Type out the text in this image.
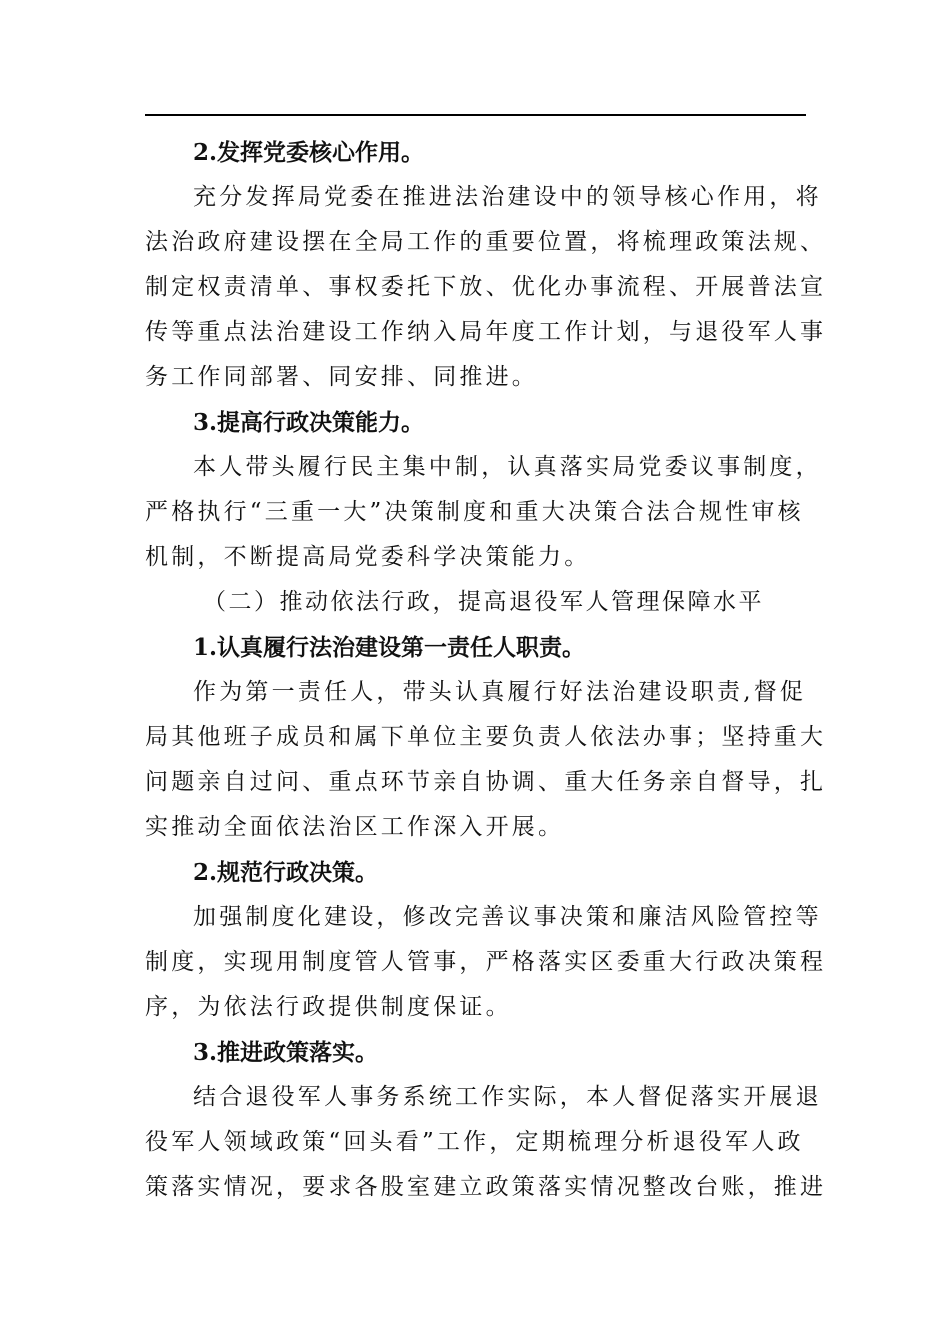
2.发挥党委核心作用。
充分发挥局党委在推进法治建设中的领导核心作用，将
法治政府建设摆在全局工作的重要位置，将梳理政策法规、
制定权责清单、事权委托下放、优化办事流程、开展普法宣
传等重点法治建设工作纳入局年度工作计划，与退役军人事
务工作同部署、同安排、同推进。
3.提高行政决策能力。
本人带头履行民主集中制，认真落实局党委议事制度，
严格执行“三重一大”决策制度和重大决策合法合规性审核
机制，不断提高局党委科学决策能力。
（二）推动依法行政，提高退役军人管理保障水平
1.认真履行法治建设第一责任人职责。
作为第一责任人，带头认真履行好法治建设职责,督促
局其他班子成员和属下单位主要负责人依法办事；坚持重大
问题亲自过问、重点环节亲自协调、重大任务亲自督导，扎
实推动全面依法治区工作深入开展。
2.规范行政决策。
加强制度化建设，修改完善议事决策和廉洁风险管控等
制度，实现用制度管人管事，严格落实区委重大行政决策程
序，为依法行政提供制度保证。
3.推进政策落实。
结合退役军人事务系统工作实际，本人督促落实开展退
役军人领域政策“回头看”工作，定期梳理分析退役军人政
策落实情况，要求各股室建立政策落实情况整改台账，推进
